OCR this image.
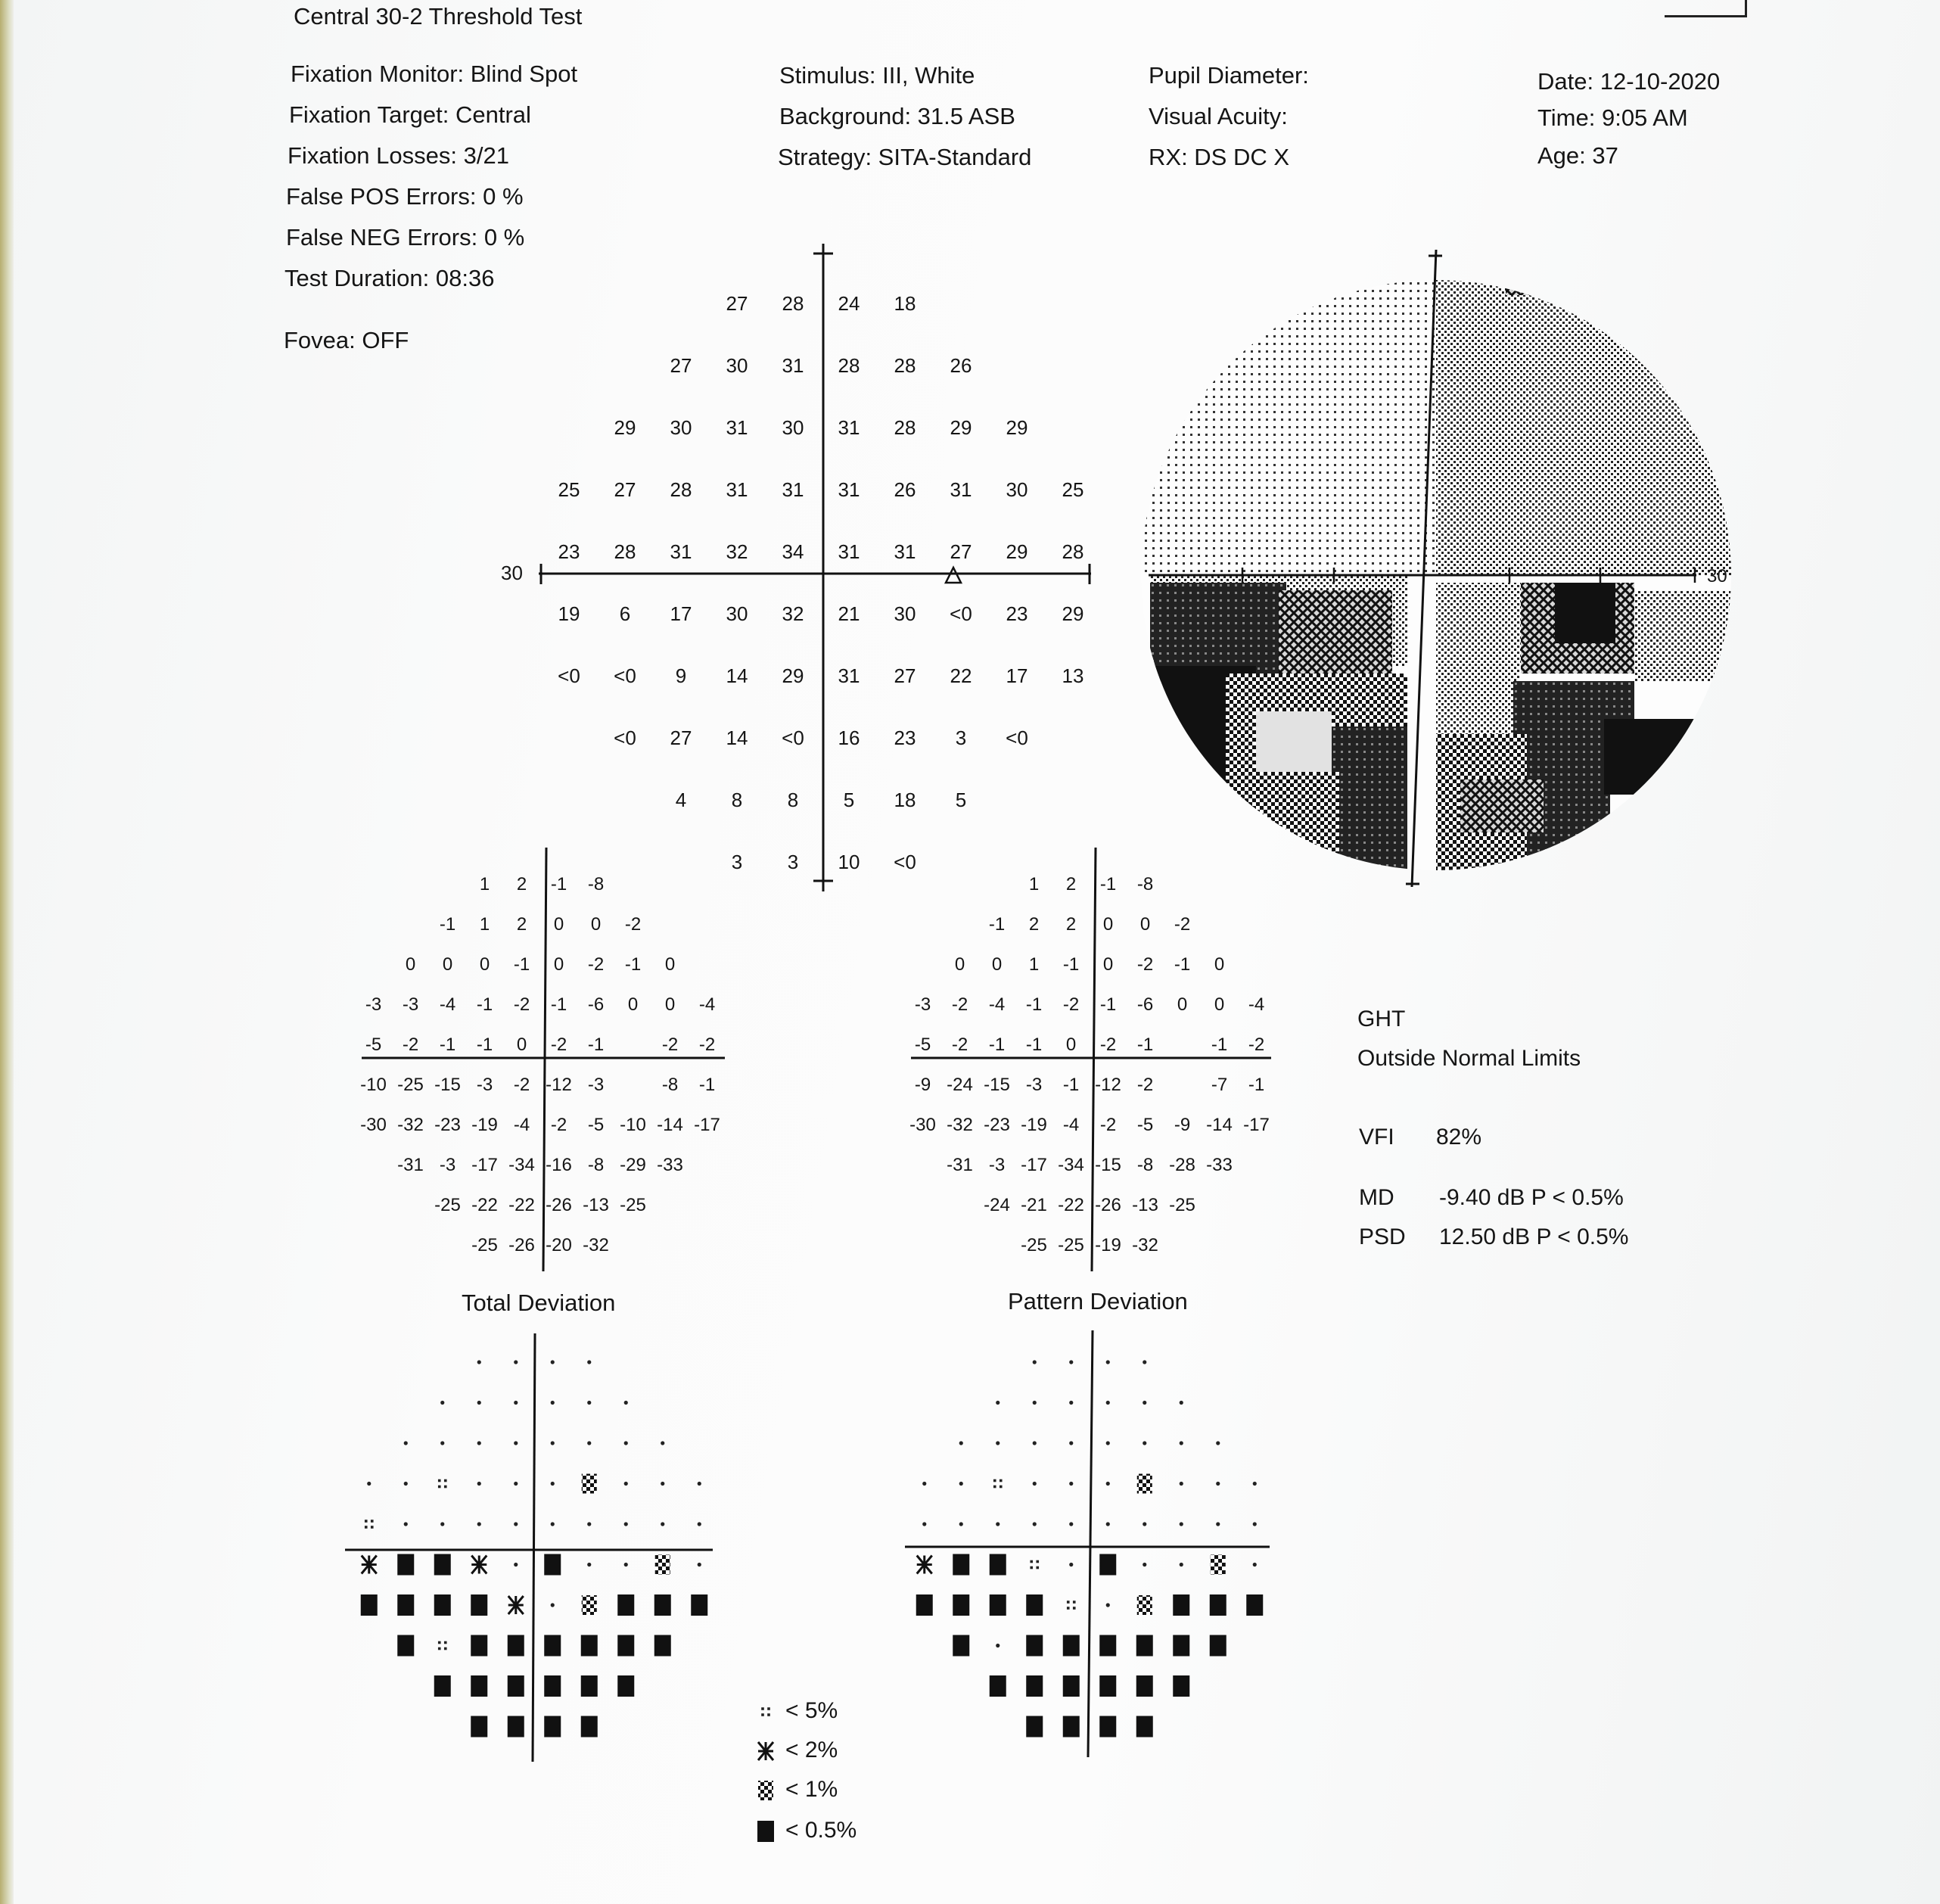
Central 30-2 Threshold Test
Fixation Monitor: Blind Spot
Fixation Target: Central
Fixation Losses: 3/21
False POS Errors: 0 %
False NEG Errors: 0 %
Test Duration: 08:36
Fovea: OFF
Stimulus: III, White
Background: 31.5 ASB
Strategy: SITA-Standard
Pupil Diameter:
Visual Acuity:
RX: DS DC X
Date: 12-10-2020
Time: 9:05 AM
Age: 37
27 28 24 18
27 30 31 28 28 26
29 30 31 30 31 28 29 29
25 27 28 31 31 31 26 31 30 25
23 28 31 32 34 31 31 27 29 28
19 6 17 30 32 21 30 <0 23 29
<0 <0 9 14 29 31 27 22 17 13
<0 27 14 <0 16 23 3 <0
4 8 8 5 18 5
3 3 10 <0
1 2 -1 -8
-1 1 2 0 0 -2
0 0 0 -1 0 -2 -1 0
-3 -3 -4 -1 -2 -1 -6 0 0 -4
-5 -2 -1 -1 0 -2 -1	-2 -2
-10 -25 -15 -3 -2 -12 -3	-8 -1
-30 -32 -23 -19 -4 -2 -5 -10 -14 -17
-31 -3 -17 -34 -16 -8 -29 -33
-25 -22 -22 -26 -13 -25
-25 -26 -20 -32
1 2 -1 -8
-1 2 2 0 0 -2
0 0 1 -1 0 -2 -1 0
-3 -2 -4 -1 -2 -1 -6 0 0 -4
-5 -2 -1 -1 0 -2 -1	-1 -2
-9 -24 -15 -3 -1 -12 -2	-7 -1
-30 -32 -23 -19 -4 -2 -5 -9 -14 -17
-31 -3 -17 -34 -15 -8 -28 -33
-24 -21 -22 -26 -13 -25
-25 -25 -19 -32
30	30
Total Deviation	Pattern Deviation
GHT
Outside Normal Limits
VFI 82%
MD -9.40 dB P < 0.5%
PSD 12.50 dB P < 0.5%
< 5%
< 2%
< 1%
< 0.5%
